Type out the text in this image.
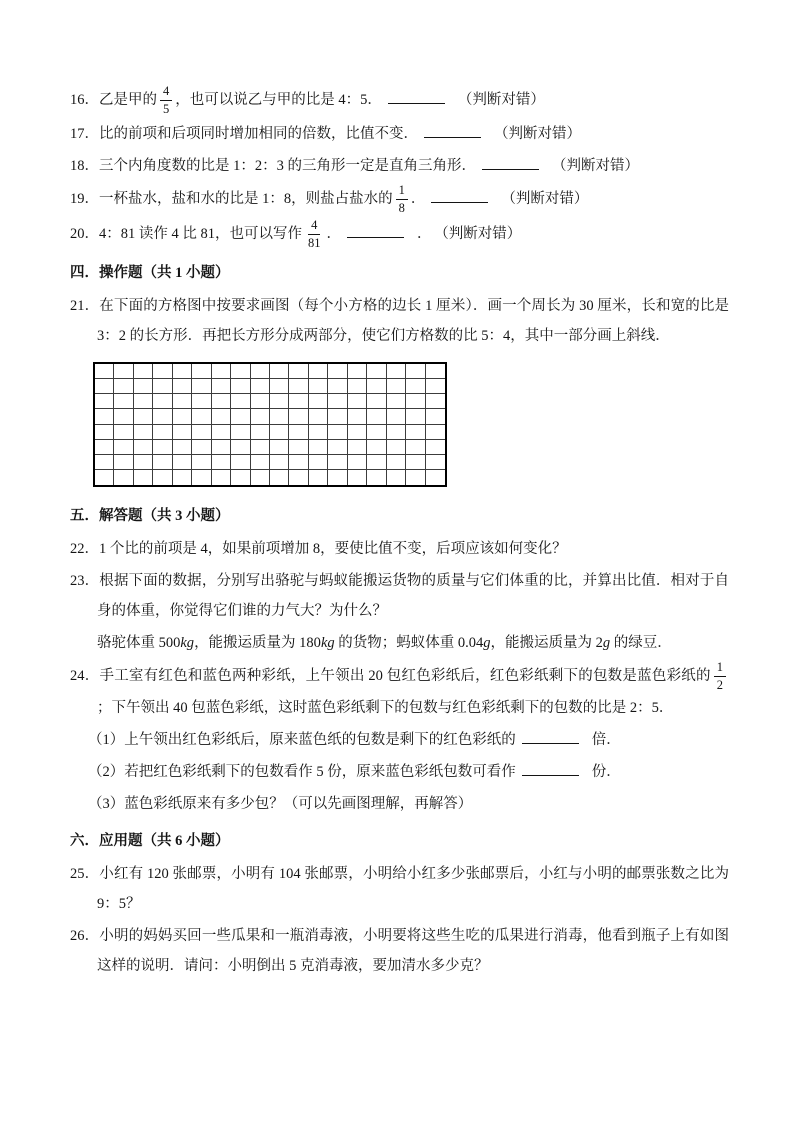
16．乙是甲的 $\frac{4}{5}$ ，也可以说乙与甲的比是 4：5．	（判断对错）

17．比的前项和后项同时增加相同的倍数，比值不变．	（判断对错）

18．三个内角度数的比是 1：2：3 的三角形一定是直角三角形．	（判断对错）

19．一杯盐水，盐和水的比是 1：8，则盐占盐水的 $\frac{1}{8}$ ．	（判断对错）

20．4：81 读作 4 比 81，也可以写作 $\frac{4}{81}$ ．	． （判断对错）

四．操作题（共 1 小题）

21．在下面的方格图中按要求画图（每个小方格的边长 1 厘米）．画一个周长为 30 厘米，长和宽的比是 3：2 的长方形．再把长方形分成两部分，使它们方格数的比 5：4，其中一部分画上斜线．

五．解答题（共 3 小题）

22．1 个比的前项是 4，如果前项增加 8，要使比值不变，后项应该如何变化？

23．根据下面的数据，分别写出骆驼与蚂蚁能搬运货物的质量与它们体重的比，并算出比值．相对于自身的体重，你觉得它们谁的力气大？为什么？

骆驼体重 500kg，能搬运质量为 180kg 的货物；蚂蚁体重 0.04g，能搬运质量为 2g 的绿豆．

24．手工室有红色和蓝色两种彩纸，上午领出 20 包红色彩纸后，红色彩纸剩下的包数是蓝色彩纸的 $\frac{1}{2}$
；下午领出 40 包蓝色彩纸，这时蓝色彩纸剩下的包数与红色彩纸剩下的包数的比是 2：5．

（1）上午领出红色彩纸后，原来蓝色纸的包数是剩下的红色彩纸的	倍．

（2）若把红色彩纸剩下的包数看作 5 份，原来蓝色彩纸包数可看作	份．

（3）蓝色彩纸原来有多少包？（可以先画图理解，再解答）

六．应用题（共 6 小题）

25．小红有 120 张邮票，小明有 104 张邮票，小明给小红多少张邮票后，小红与小明的邮票张数之比为 9：5？

26．小明的妈妈买回一些瓜果和一瓶消毒液，小明要将这些生吃的瓜果进行消毒，他看到瓶子上有如图这样的说明．请问：小明倒出 5 克消毒液，要加清水多少克？
